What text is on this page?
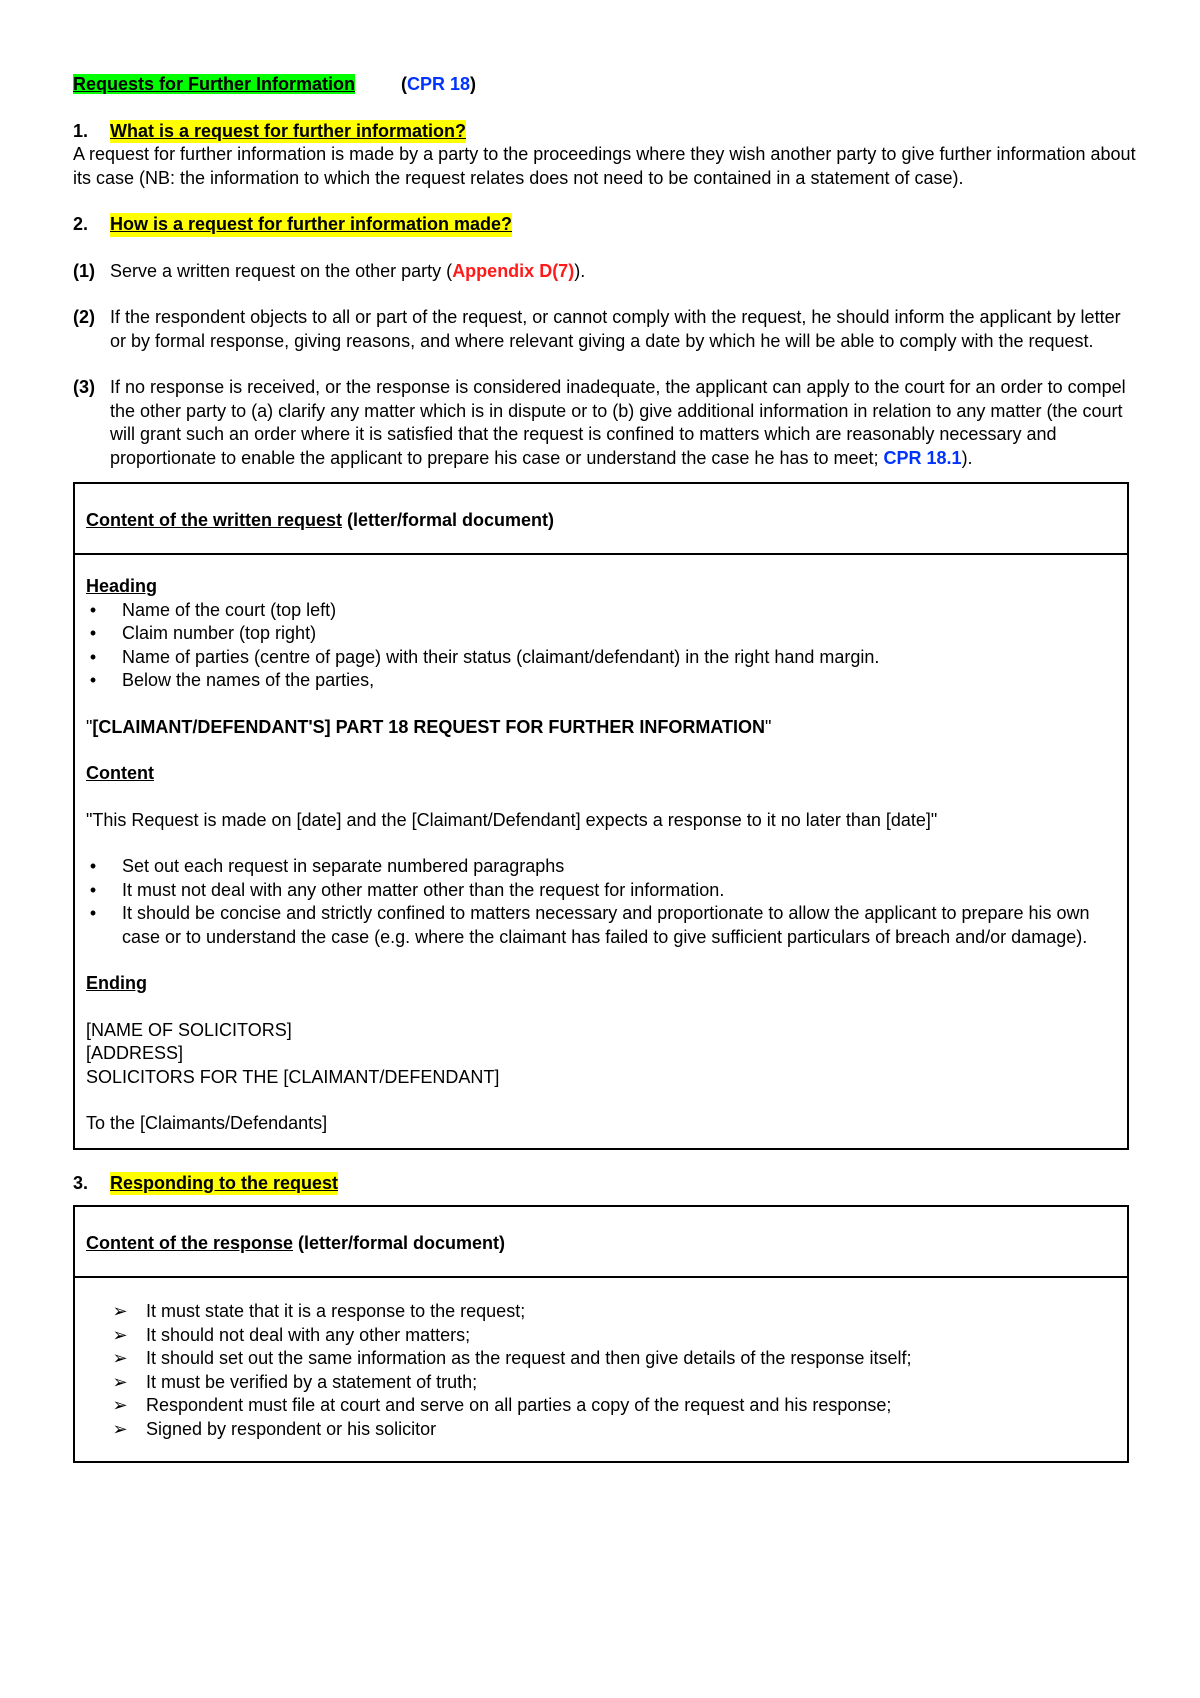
Requests for Further Information	(CPR 18)

1.	What is a request for further information?

A request for further information is made by a party to the proceedings where they wish another party to give further information about its case (NB: the information to which the request relates does not need to be contained in a statement of case).

2.	How is a request for further information made?
(1) Serve a written request on the other party (Appendix D(7)).
(2) If the respondent objects to all or part of the request, or cannot comply with the request, he should inform the applicant by letter or by formal response, giving reasons, and where relevant giving a date by which he will be able to comply with the request.
(3) If no response is received, or the response is considered inadequate, the applicant can apply to the court for an order to compel the other party to (a) clarify any matter which is in dispute or to (b) give additional information in relation to any matter (the court will grant such an order where it is satisfied that the request is confined to matters which are reasonably necessary and proportionate to enable the applicant to prepare his case or understand the case he has to meet; CPR 18.1).
Content of the written request (letter/formal document)

Heading

• Name of the court (top left)
• Claim number (top right)
• Name of parties (centre of page) with their status (claimant/defendant) in the right hand margin.
• Below the names of the parties,

"[CLAIMANT/DEFENDANT'S] PART 18 REQUEST FOR FURTHER INFORMATION"

Content

"This Request is made on [date] and the [Claimant/Defendant] expects a response to it no later than [date]"

• Set out each request in separate numbered paragraphs
• It must not deal with any other matter other than the request for information.
• It should be concise and strictly confined to matters necessary and proportionate to allow the applicant to prepare his own case or to understand the case (e.g. where the claimant has failed to give sufficient particulars of breach and/or damage).

Ending

[NAME OF SOLICITORS]

[ADDRESS]

SOLICITORS FOR THE [CLAIMANT/DEFENDANT]

To the [Claimants/Defendants]

3.	Responding to the request
Content of the response (letter/formal document)
➢ It must state that it is a response to the request;
➢ It should not deal with any other matters;
➢ It should set out the same information as the request and then give details of the response itself;
➢ It must be verified by a statement of truth;
➢ Respondent must file at court and serve on all parties a copy of the request and his response;
➢ Signed by respondent or his solicitor
